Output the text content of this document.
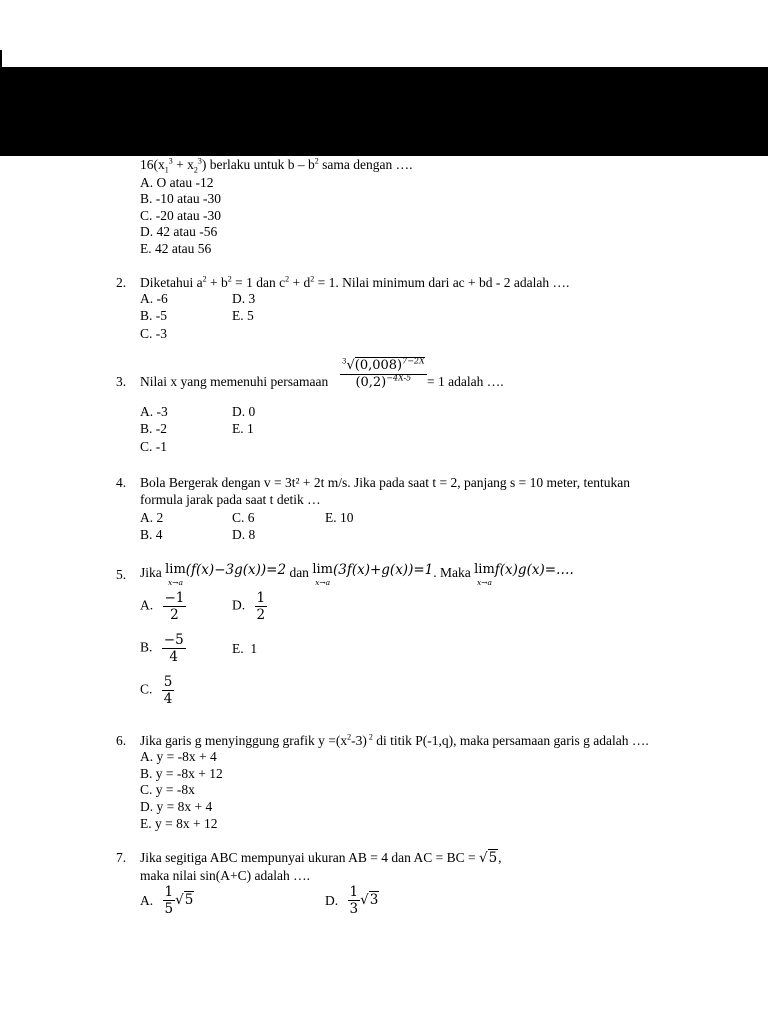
$16(x_1^3 + x_2^3)$ berlaku untuk b – $b^2$ sama dengan ….
A. O atau -12
B. -10 atau -30
C. -20 atau -30
D. 42 atau -56
E. 42 atau 56
2. Diketahui $a^2 + b^2 = 1$ dan $c^2 + d^2 = 1$. Nilai minimum dari ac + bd - 2 adalah ….
A. -6
B. -5
C. -3
D. 3
E. 5
3. Nilai x yang memenuhi persamaan $\frac{^3√(0,008)^{7-2X}}{(0,2)^{-4X-5}} = 1$ adalah ….
A. -3
B. -2
C. -1
D. 0
E. 1
4. Bola Bergerak dengan v = 3t² + 2t m/s. Jika pada saat t = 2, panjang s = 10 meter, tentukan
formula jarak pada saat t detik …
A. 2
B. 4
C. 6
D. 8
E. 10
5. Jika lim
x→a
(f(x)−3g(x))=2 dan lim
x→a
(3f(x)+g(x))=1. Maka lim
x→a
f(x)g(x)=….
A. $\frac{-1}{2}$	D. $\frac{1}{2}$
B. $\frac{-5}{4}$	E. 1
C. $\frac{5}{4}$
6. Jika garis g menyinggung grafik $y =(x^2-3)$ $^2$ di titik P(-1,q), maka persamaan garis g adalah ….
A. y = -8x + 4
B. y = -8x + 12
C. y = -8x
D. y = 8x + 4
E. y = 8x + 12
7. Jika segitiga ABC mempunyai ukuran AB = 4 dan AC = BC = √5,
maka nilai sin(A+C) adalah ….
A. $\frac{1}{5} √5$	D. $\frac{1}{3} √3$
